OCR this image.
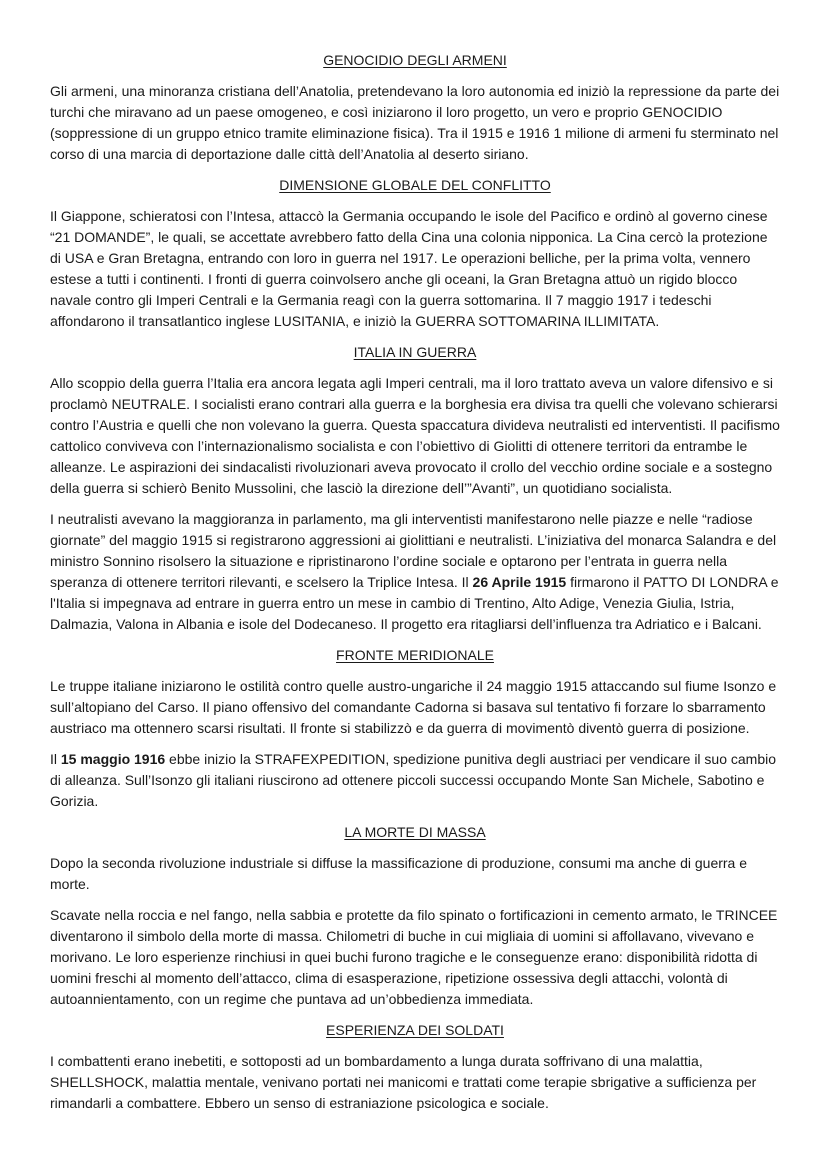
GENOCIDIO DEGLI ARMENI

Gli armeni, una minoranza cristiana dell’Anatolia, pretendevano la loro autonomia ed iniziò la repressione da parte dei turchi che miravano ad un paese omogeneo, e così iniziarono il loro progetto, un vero e proprio GENOCIDIO (soppressione di un gruppo etnico tramite eliminazione fisica). Tra il 1915 e 1916 1 milione di armeni fu sterminato nel corso di una marcia di deportazione dalle città dell’Anatolia al deserto siriano.

DIMENSIONE GLOBALE DEL CONFLITTO

Il Giappone, schieratosi con l’Intesa, attaccò la Germania occupando le isole del Pacifico e ordinò al governo cinese “21 DOMANDE”, le quali, se accettate avrebbero fatto della Cina una colonia nipponica. La Cina cercò la protezione di USA e Gran Bretagna, entrando con loro in guerra nel 1917. Le operazioni belliche, per la prima volta, vennero estese a tutti i continenti. I fronti di guerra coinvolsero anche gli oceani, la Gran Bretagna attuò un rigido blocco navale contro gli Imperi Centrali e la Germania reagì con la guerra sottomarina. Il 7 maggio 1917 i tedeschi affondarono il transatlantico inglese LUSITANIA, e iniziò la GUERRA SOTTOMARINA ILLIMITATA.

ITALIA IN GUERRA

Allo scoppio della guerra l’Italia era ancora legata agli Imperi centrali, ma il loro trattato aveva un valore difensivo e si proclamò NEUTRALE. I socialisti erano contrari alla guerra e la borghesia era divisa tra quelli che volevano schierarsi contro l’Austria e quelli che non volevano la guerra. Questa spaccatura divideva neutralisti ed interventisti. Il pacifismo cattolico conviveva con l’internazionalismo socialista e con l’obiettivo di Giolitti di ottenere territori da entrambe le alleanze. Le aspirazioni dei sindacalisti rivoluzionari aveva provocato il crollo del vecchio ordine sociale e a sostegno della guerra si schierò Benito Mussolini, che lasciò la direzione dell’”Avanti”, un quotidiano socialista.

I neutralisti avevano la maggioranza in parlamento, ma gli interventisti manifestarono nelle piazze e nelle “radiose giornate” del maggio 1915 si registrarono aggressioni ai giolittiani e neutralisti. L’iniziativa del monarca Salandra e del ministro Sonnino risolsero la situazione e ripristinarono l’ordine sociale e optarono per l’entrata in guerra nella speranza di ottenere territori rilevanti, e scelsero la Triplice Intesa. Il 26 Aprile 1915 firmarono il PATTO DI LONDRA e l'Italia si impegnava ad entrare in guerra entro un mese in cambio di Trentino, Alto Adige, Venezia Giulia, Istria, Dalmazia, Valona in Albania e isole del Dodecaneso. Il progetto era ritagliarsi dell’influenza tra Adriatico e i Balcani.

FRONTE MERIDIONALE

Le truppe italiane iniziarono le ostilità contro quelle austro-ungariche il 24 maggio 1915 attaccando sul fiume Isonzo e sull’altopiano del Carso. Il piano offensivo del comandante Cadorna si basava sul tentativo fi forzare lo sbarramento austriaco ma ottennero scarsi risultati. Il fronte si stabilizzò e da guerra di movimentò diventò guerra di posizione.

Il 15 maggio 1916 ebbe inizio la STRAFEXPEDITION, spedizione punitiva degli austriaci per vendicare il suo cambio di alleanza. Sull’Isonzo gli italiani riuscirono ad ottenere piccoli successi occupando Monte San Michele, Sabotino e Gorizia.

LA MORTE DI MASSA

Dopo la seconda rivoluzione industriale si diffuse la massificazione di produzione, consumi ma anche di guerra e morte.

Scavate nella roccia e nel fango, nella sabbia e protette da filo spinato o fortificazioni in cemento armato, le TRINCEE diventarono il simbolo della morte di massa. Chilometri di buche in cui migliaia di uomini si affollavano, vivevano e morivano. Le loro esperienze rinchiusi in quei buchi furono tragiche e le conseguenze erano: disponibilità ridotta di uomini freschi al momento dell’attacco, clima di esasperazione, ripetizione ossessiva degli attacchi, volontà di autoannientamento, con un regime che puntava ad un’obbedienza immediata.

ESPERIENZA DEI SOLDATI

I combattenti erano inebetiti, e sottoposti ad un bombardamento a lunga durata soffrivano di una malattia, SHELLSHOCK, malattia mentale, venivano portati nei manicomi e trattati come terapie sbrigative a sufficienza per rimandarli a combattere. Ebbero un senso di estraniazione psicologica e sociale.
